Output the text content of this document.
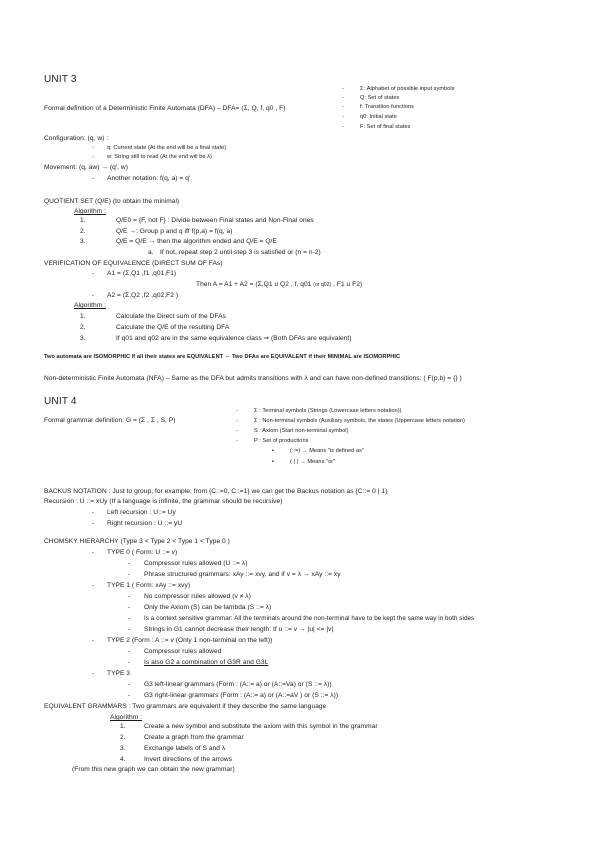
UNIT 3
-	Σ: Alphabet of possible input symbols
-	Q: Set of states
-	f: Transition functions
-	q0: Initial state
-	F: Set of final states
Formal definition of a Deterministic Finite Automata (DFA) – DFA= (Σ, Q, f, q0 , F)
Configuration: (q, w) :
- q: Current state (At the end will be a final state)
- w: String still to read (At the end will be λ)
Movement: (q, aw) → (q', w)
- Another notation: f(q, a) = q'
QUOTIENT SET (Q/E) (to obtain the minimal)
Algorithm :
1.	Q/E0 = {F, not F} : Divide between Final states and Non-Final ones
2.	Q/E →: Group p and q iff f(p,a) = f(q, a)
3.	Q/E = Q/E → then the algorithm ended and Q/E = Q/E
a. If not, repeat step 2 until step 3 is satisfied or (n = n-2)
VERIFICATION OF EQUIVALENCE (DIRECT SUM OF FAs)
- A1 = (Σ,Q1 ,f1 ,q01,F1)
Then A = A1 + A2 = (Σ,Q1 u Q2 , f, q01 (or q02) , F1 u F2)
- A2 = (Σ,Q2 ,f2 ,q02,F2 )
Algorithm :
1.	Calculate the Direct sum of the DFAs
2.	Calculate the Q/E of the resulting DFA
3.	If q01 and q02 are in the same equivalence class ⇒ (Both DFAs are equivalent)
Two automata are ISOMORPHIC if all their states are EQUIVALENT ⇔ Two DFAs are EQUIVALENT if their MINIMAL are ISOMORPHIC
Non-deterministic Finite Automata (NFA) – Same as the DFA but admits transitions with λ and can have non-defined transitions: ( F(p,b) = {} )
UNIT 4
Formal grammar definition: G = (Σ , Σ , S, P)
-	Σ : Terminal symbols (Strings (Lowercase letters notation))
-	Σ : Non-terminal symbols (Auxiliary symbols, the states (Uppercase letters notation)
-	S : Axiom (Start non-terminal symbol)
-	P : Set of productions
▪	(::=) → Means "is defined as"
▪	( | ) → Means "or"
BACKUS NOTATION : Just to group, for example, from {C::=0, C::=1} we can get the Backus notation as {C::= 0 | 1}
Recursion : U ::= xUy (If a language is infinite, the grammar should be recursive)
- Left recursion : U::= Uy
- Right recursion : U ::= yU
CHOMSKY HIERARCHY (Type 3 < Type 2 < Type 1 < Type 0 )
- TYPE 0 ( Form: U ::= v)
- Compressor rules allowed (U ::= λ)
- Phrase structured grammars: xAy ::= xvy, and if v = λ → xAy ::= xy
- TYPE 1 ( Form: xAy ::= xvy)
- No compressor rules allowed (v ≠ λ)
- Only the Axiom (S) can be lambda (S ::= λ)
- Is a context sensitive grammar: All the terminals around the non-terminal have to be kept the same way in both sides
- Strings in G1 cannot decrease their length: If u ::= v → |u| <= |v|
- TYPE 2 (Form : A ::= v (Only 1 non-terminal on the left))
- Compressor rules allowed
- Is also G2 a combination of G3R and G3L
- TYPE 3
- G3 left-linear grammars (Form : (A::= a) or (A::=Va) or (S ::= λ))
- G3 right-linear grammars (Form : (A::= a) or (A::=aV ) or (S ::= λ))
EQUIVALENT GRAMMARS : Two grammars are equivalent if they describe the same language
Algorithm :
1.	Create a new symbol and substitute the axiom with this symbol in the grammar
2.	Create a graph from the grammar
3.	Exchange labels of S and λ
4.	Invert directions of the arrows
(From this new graph we can obtain the new grammar)
